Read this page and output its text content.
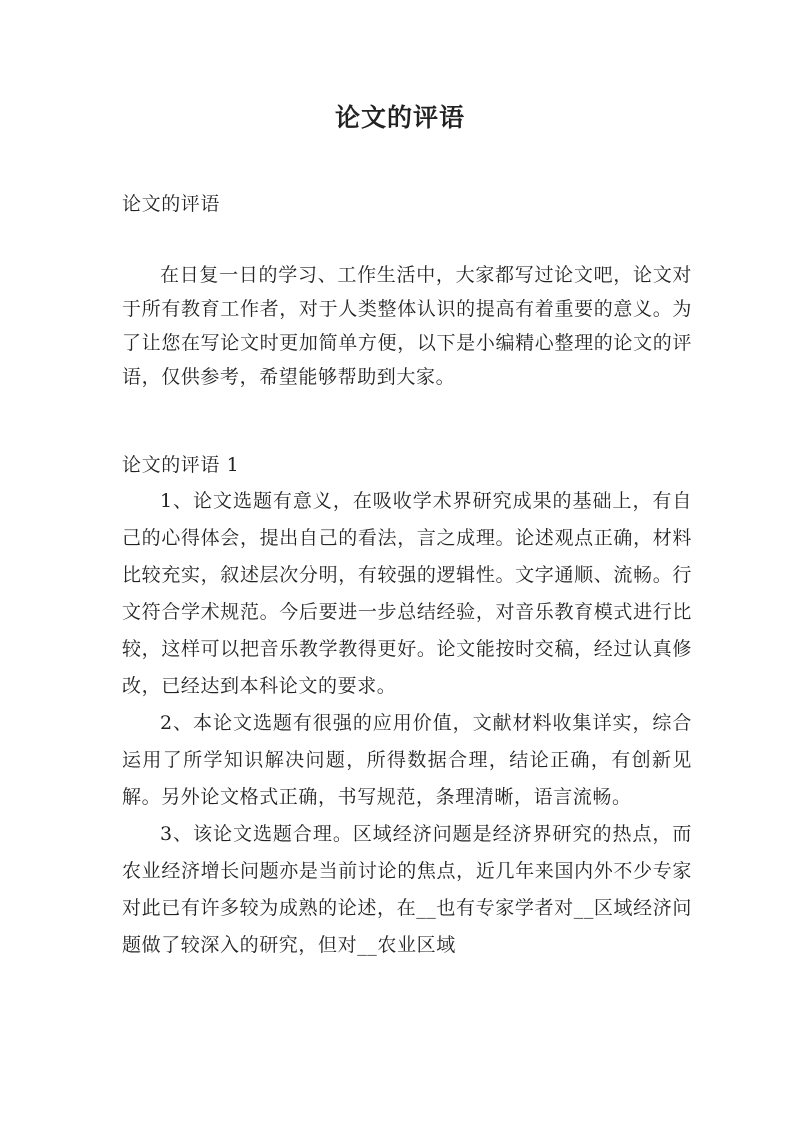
论文的评语

论文的评语

在日复一日的学习、工作生活中，大家都写过论文吧，论文对于所有教育工作者，对于人类整体认识的提高有着重要的意义。为了让您在写论文时更加简单方便，以下是小编精心整理的论文的评语，仅供参考，希望能够帮助到大家。

论文的评语 1

1、论文选题有意义，在吸收学术界研究成果的基础上，有自己的心得体会，提出自己的看法，言之成理。论述观点正确，材料比较充实，叙述层次分明，有较强的逻辑性。文字通顺、流畅。行文符合学术规范。今后要进一步总结经验，对音乐教育模式进行比较，这样可以把音乐教学教得更好。论文能按时交稿，经过认真修改，已经达到本科论文的要求。

2、本论文选题有很强的应用价值，文献材料收集详实，综合运用了所学知识解决问题，所得数据合理，结论正确，有创新见解。另外论文格式正确，书写规范，条理清晰，语言流畅。

3、该论文选题合理。区域经济问题是经济界研究的热点，而农业经济增长问题亦是当前讨论的焦点，近几年来国内外不少专家对此已有许多较为成熟的论述，在__也有专家学者对__区域经济问题做了较深入的研究，但对__农业区域
